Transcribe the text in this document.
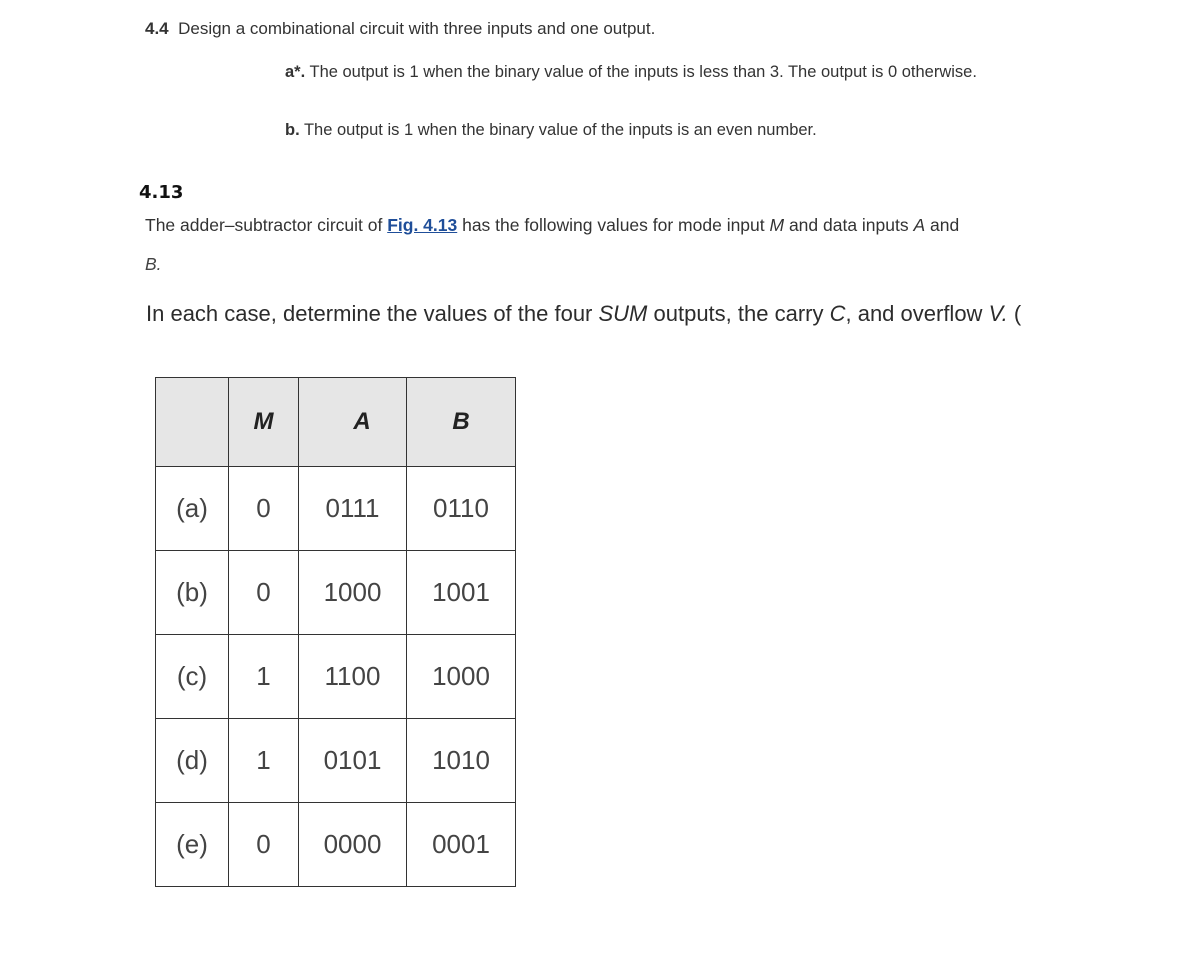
4.4 Design a combinational circuit with three inputs and one output.
a*. The output is 1 when the binary value of the inputs is less than 3. The output is 0 otherwise.
b. The output is 1 when the binary value of the inputs is an even number.
4.13
The adder–subtractor circuit of Fig. 4.13 has the following values for mode input M and data inputs A and
B.
In each case, determine the values of the four SUM outputs, the carry C, and overflow V. (
	M	A	B
(a)	0	0111	0110
(b)	0	1000	1001
(c)	1	1100	1000
(d)	1	0101	1010
(e)	0	0000	0001
